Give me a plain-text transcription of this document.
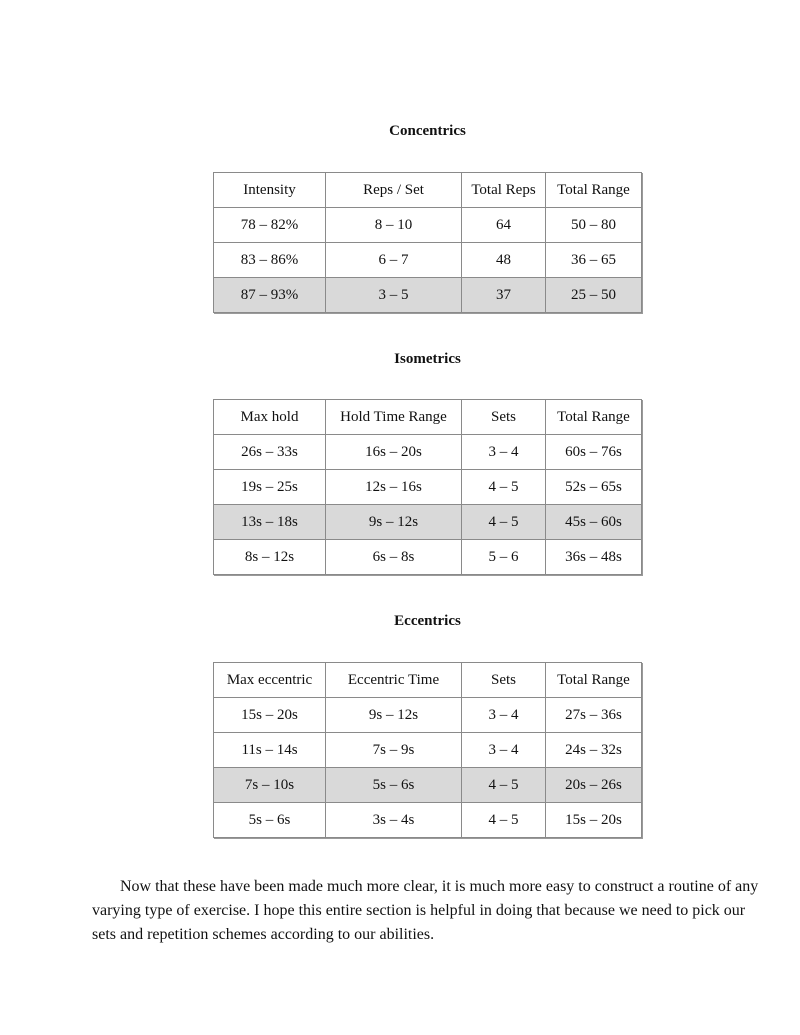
Concentrics
Intensity	Reps / Set	Total Reps	Total Range
78 – 82%	8 – 10	64	50 – 80
83 – 86%	6 – 7	48	36 – 65
87 – 93%	3 – 5	37	25 – 50
Isometrics
Max hold	Hold Time Range	Sets	Total Range
26s – 33s	16s – 20s	3 – 4	60s – 76s
19s – 25s	12s – 16s	4 – 5	52s – 65s
13s – 18s	9s – 12s	4 – 5	45s – 60s
8s – 12s	6s – 8s	5 – 6	36s – 48s
Eccentrics
Max eccentric	Eccentric Time	Sets	Total Range
15s – 20s	9s – 12s	3 – 4	27s – 36s
11s – 14s	7s – 9s	3 – 4	24s – 32s
7s – 10s	5s – 6s	4 – 5	20s – 26s
5s – 6s	3s – 4s	4 – 5	15s – 20s

Now that these have been made much more clear, it is much more easy to construct a routine of any varying type of exercise. I hope this entire section is helpful in doing that because we need to pick our sets and repetition schemes according to our abilities.
